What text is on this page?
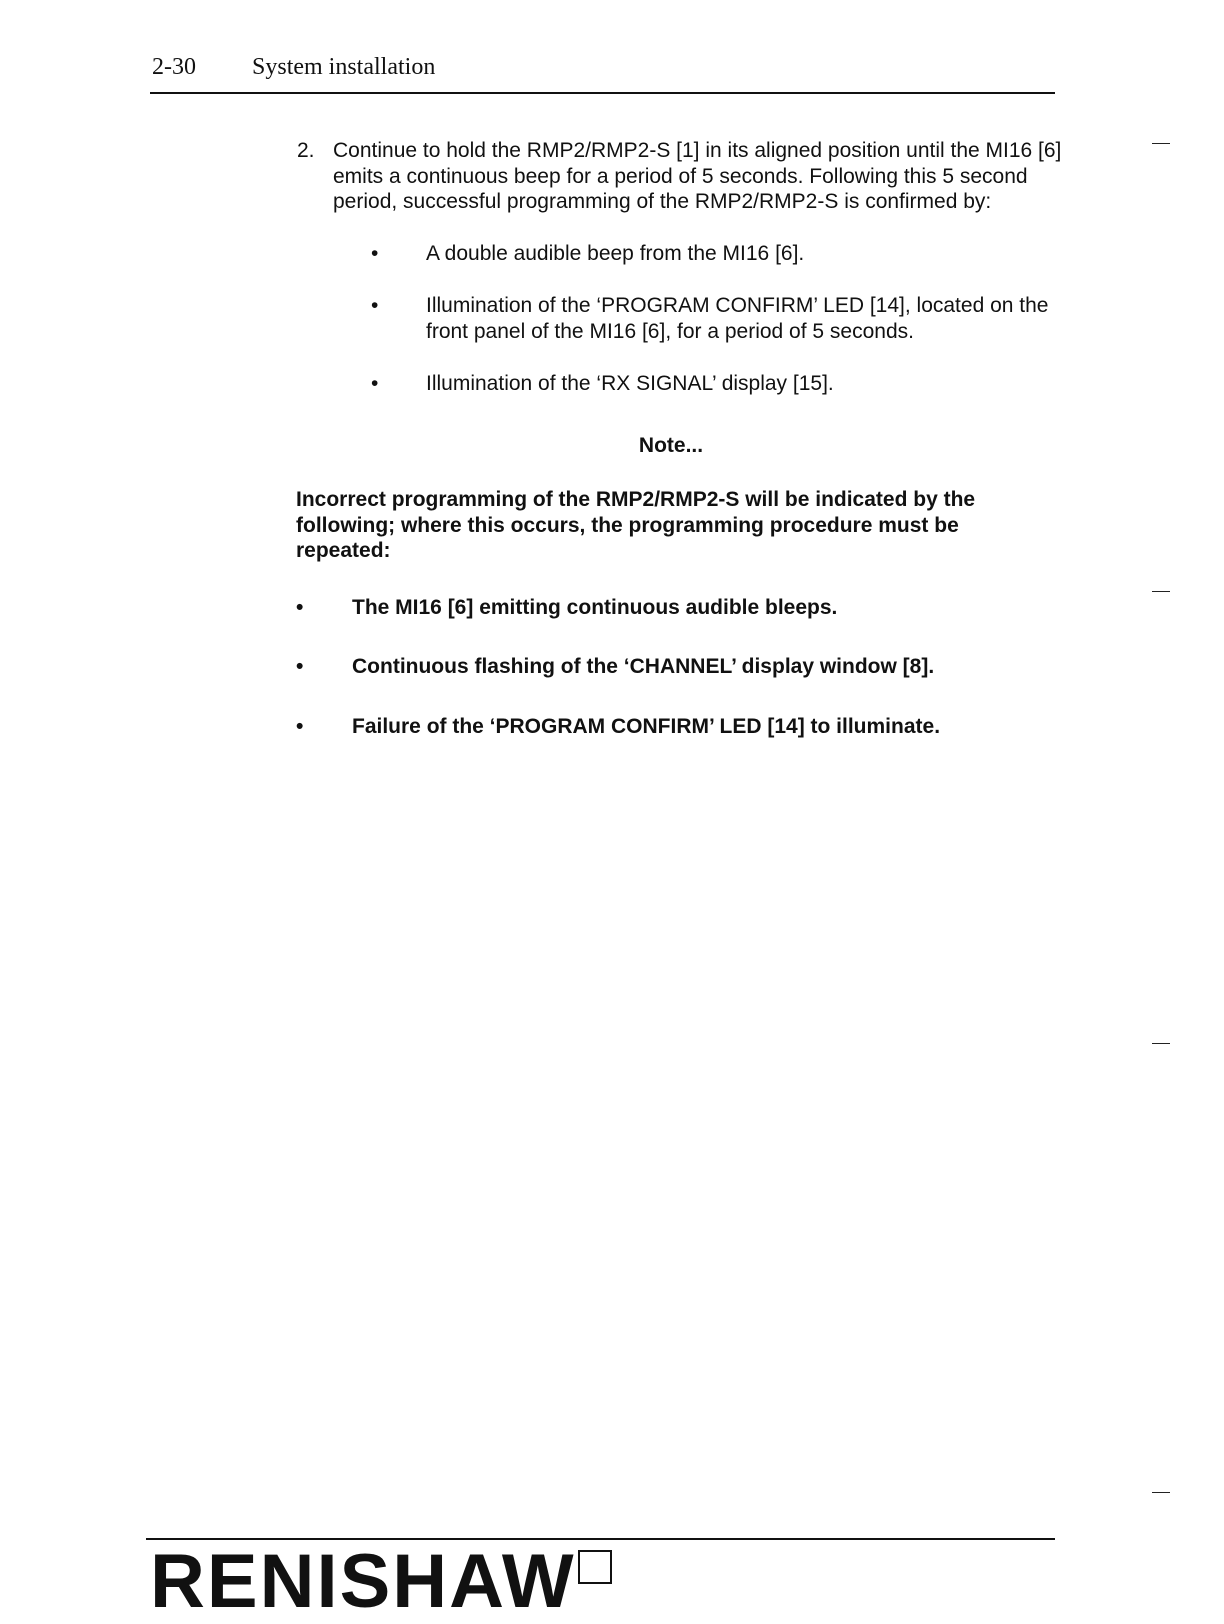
2-30 System installation
2. Continue to hold the RMP2/RMP2-S [1] in its aligned position until the MI16 [6] emits a continuous beep for a period of 5 seconds. Following this 5 second period, successful programming of the RMP2/RMP2-S is confirmed by:

• A double audible beep from the MI16 [6].
• Illumination of the ‘PROGRAM CONFIRM’ LED [14], located on the front panel of the MI16 [6], for a period of 5 seconds.
• Illumination of the ‘RX SIGNAL’ display [15].
Note...
Incorrect programming of the RMP2/RMP2-S will be indicated by the following; where this occurs, the programming procedure must be repeated:
• The MI16 [6] emitting continuous audible bleeps.
• Continuous flashing of the ‘CHANNEL’ display window [8].
• Failure of the ‘PROGRAM CONFIRM’ LED [14] to illuminate.
RENISHAW
